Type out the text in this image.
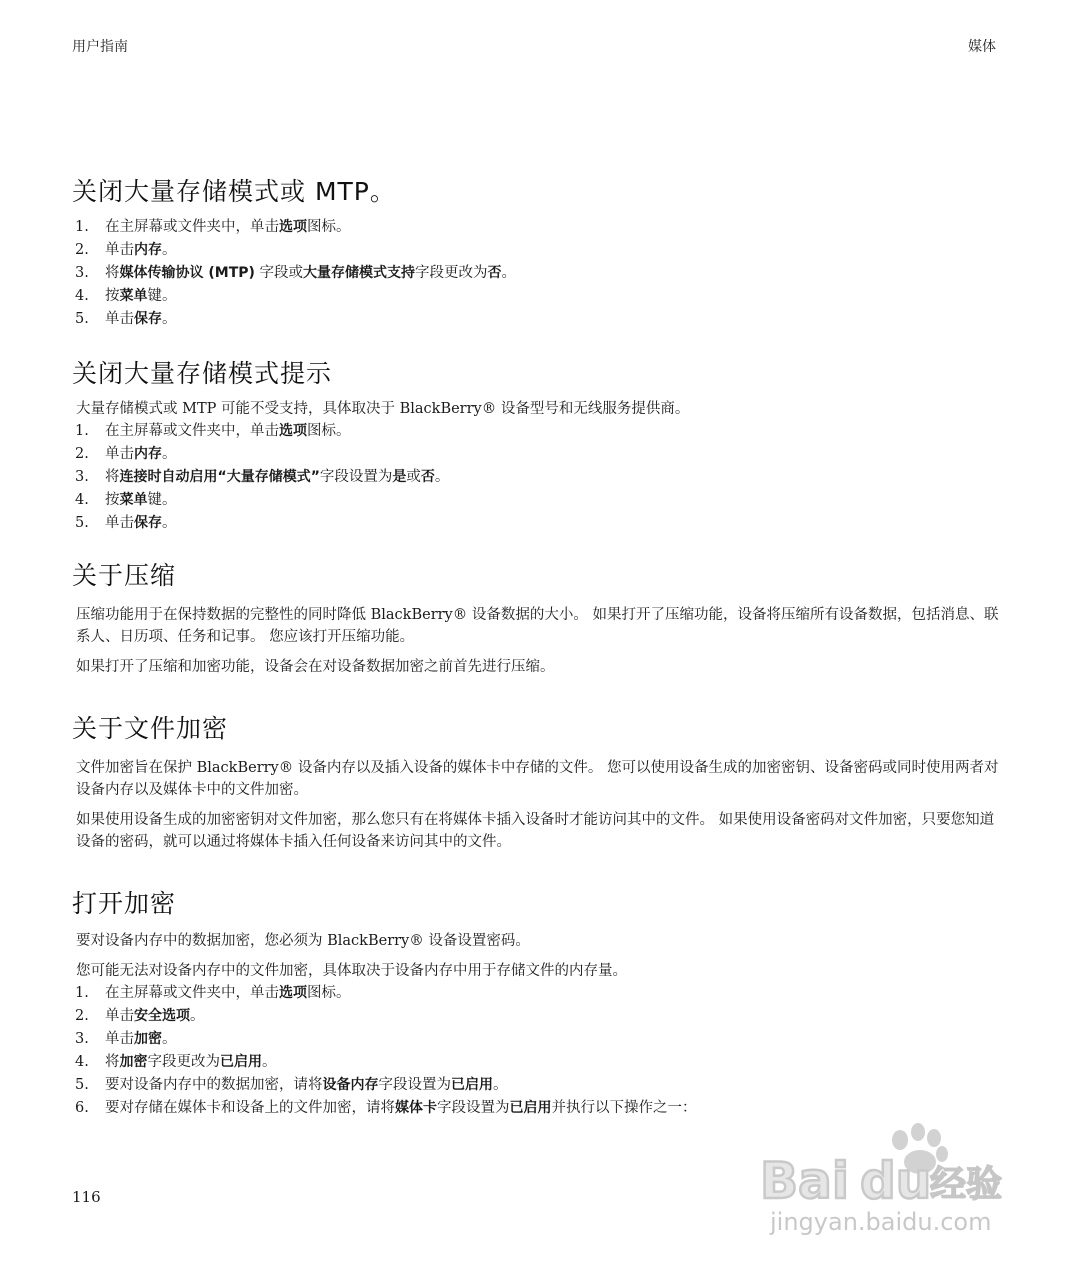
用户指南	媒体
关闭大量存储模式或 MTP。
1. 在主屏幕或文件夹中，单击选项图标。
2. 单击内存。
3. 将媒体传输协议 (MTP) 字段或大量存储模式支持字段更改为否。
4. 按菜单键。
5. 单击保存。
关闭大量存储模式提示

大量存储模式或 MTP 可能不受支持，具体取决于 BlackBerry® 设备型号和无线服务提供商。

1. 在主屏幕或文件夹中，单击选项图标。
2. 单击内存。
3. 将连接时自动启用“大量存储模式”字段设置为是或否。
4. 按菜单键。
5. 单击保存。
关于压缩

压缩功能用于在保持数据的完整性的同时降低 BlackBerry® 设备数据的大小。 如果打开了压缩功能，设备将压缩所有设备数据，包括消息、联系人、日历项、任务和记事。 您应该打开压缩功能。

如果打开了压缩和加密功能，设备会在对设备数据加密之前首先进行压缩。

关于文件加密

文件加密旨在保护 BlackBerry® 设备内存以及插入设备的媒体卡中存储的文件。 您可以使用设备生成的加密密钥、设备密码或同时使用两者对设备内存以及媒体卡中的文件加密。

如果使用设备生成的加密密钥对文件加密，那么您只有在将媒体卡插入设备时才能访问其中的文件。 如果使用设备密码对文件加密，只要您知道设备的密码，就可以通过将媒体卡插入任何设备来访问其中的文件。

打开加密

要对设备内存中的数据加密，您必须为 BlackBerry® 设备设置密码。

您可能无法对设备内存中的文件加密，具体取决于设备内存中用于存储文件的内存量。

1. 在主屏幕或文件夹中，单击选项图标。
2. 单击安全选项。
3. 单击加密。
4. 将加密字段更改为已启用。
5. 要对设备内存中的数据加密，请将设备内存字段设置为已启用。
6. 要对存储在媒体卡和设备上的文件加密，请将媒体卡字段设置为已启用并执行以下操作之一：
116	Bai du
经验
jingyan.baidu.com
